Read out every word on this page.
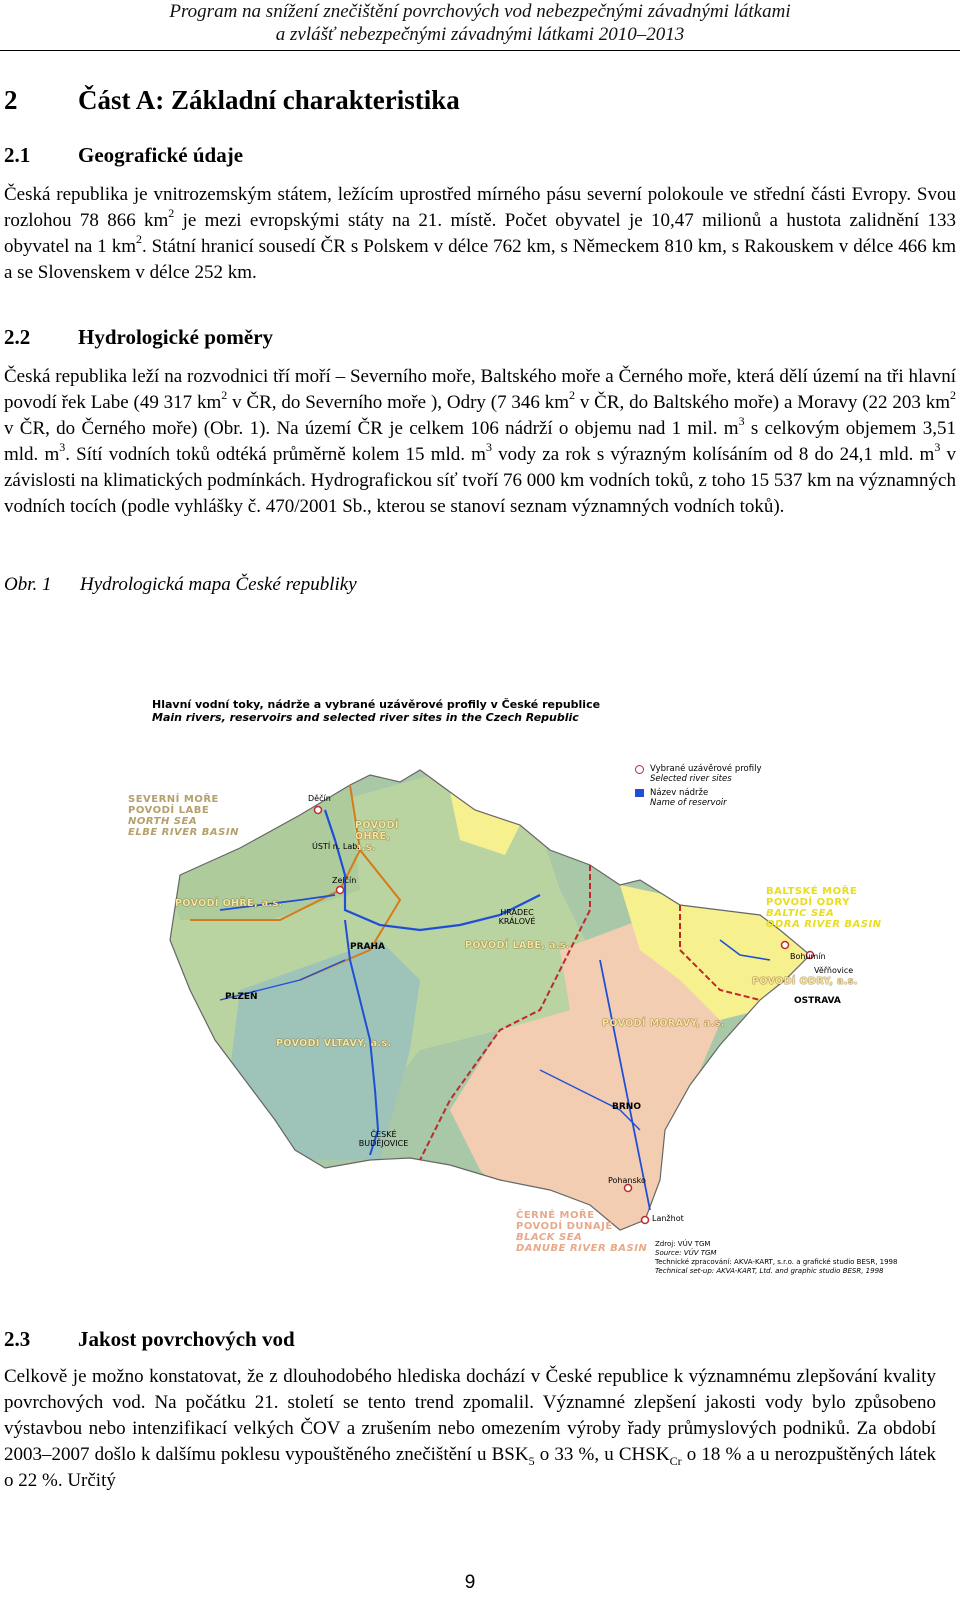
Program na snížení znečištění povrchových vod nebezpečnými závadnými látkami
a zvlášť nebezpečnými závadnými látkami 2010–2013
2	Část A: Základní charakteristika
2.1	Geografické údaje

Česká republika je vnitrozemským státem, ležícím uprostřed mírného pásu severní polokoule ve střední části Evropy. Svou rozlohou 78 866 $km^2$ je mezi evropskými státy na 21. místě. Počet obyvatel je 10,47 milionů a hustota zalidnění 133 obyvatel na 1 $km^2$. Státní hranicí sousedí ČR s Polskem v délce 762 km, s Německem 810 km, s Rakouskem v délce 466 km a se Slovenskem v délce 252 km.

2.2	Hydrologické poměry

Česká republika leží na rozvodnici tří moří – Severního moře, Baltského moře a Černého moře, která dělí území na tři hlavní povodí řek Labe (49 317 $km^2$ v ČR, do Severního moře ), Odry (7 346 $km^2$ v ČR, do Baltského moře) a Moravy (22 203 $km^2$ v ČR, do Černého moře) (Obr. 1). Na území ČR je celkem 106 nádrží o objemu nad 1 mil. $m^3$ s celkovým objemem 3,51 mld. $m^3$. Sítí vodních toků odtéká průměrně kolem 15 mld. $m^3$ vody za rok s výrazným kolísáním od 8 do 24,1 mld. $m^3$ v závislosti na klimatických podmínkách. Hydrografickou síť tvoří 76 000 km vodních toků, z toho 15 537 km na významných vodních tocích (podle vyhlášky č. 470/2001 Sb., kterou se stanoví seznam významných vodních toků).

Obr. 1 Hydrologická mapa České republiky
Hlavní vodní toky, nádrže a vybrané uzávěrové profily v České republice
Main rivers, reservoirs and selected river sites in the Czech Republic
Vybrané uzávěrové profily
Selected river sites
Název nádrže
Name of reservoir
SEVERNÍ MOŘE
POVODÍ LABE
NORTH SEA
ELBE RIVER BASIN
BALTSKÉ MOŘE
POVODÍ ODRY
BALTIC SEA
ODRA RIVER BASIN
ČERNÉ MOŘE
POVODÍ DUNAJE
BLACK SEA
DANUBE RIVER BASIN
POVODÍ OHŘE, a.s.
POVODÍ OHŘE, a.s.
POVODÍ LABE, a.s.
POVODÍ VLTAVY, a.s.
POVODÍ MORAVY, a.s.
POVODÍ ODRY, a.s.
Děčín
ÚSTÍ n. Lab.
Zelčín
PRAHA
PLZEŇ
HRADEC KRÁLOVÉ
ČESKÉ BUDĚJOVICE
BRNO
OSTRAVA
Bohumín
Věřňovice
Pohansko
Lanžhot
Zdroj: VÚV TGM
Source: VÚV TGM
Technické zpracování: AKVA-KART, s.r.o. a grafické studio BESR, 1998
Technical set-up: AKVA-KART, Ltd. and graphic studio BESR, 1998
2.3	Jakost povrchových vod

Celkově je možno konstatovat, že z dlouhodobého hlediska dochází v České republice k významnému zlepšování kvality povrchových vod. Na počátku 21. století se tento trend zpomalil. Významné zlepšení jakosti vody bylo způsobeno výstavbou nebo intenzifikací velkých ČOV a zrušením nebo omezením výroby řady průmyslových podniků. Za období 2003–2007 došlo k dalšímu poklesu vypouštěného znečištění u $BSK_5$ o 33 %, u $CHSK_{Cr}$ o 18 % a u nerozpuštěných látek o 22 %. Určitý

9
